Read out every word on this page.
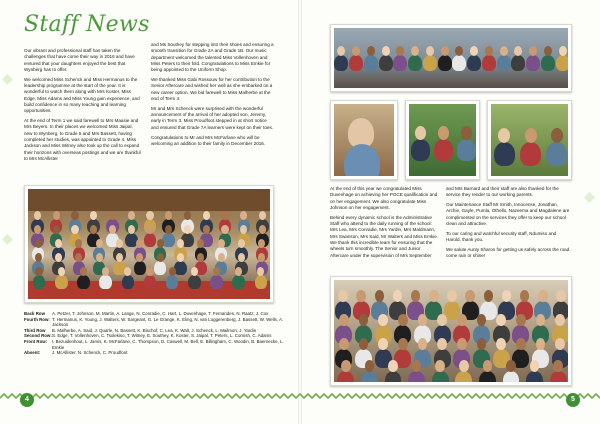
◆
◆
Staff News

Our vibrant and professional staff has taken the challenges that have come their way in 2016 and have ensured that your daughters enjoyed the best that Wynberg has to offer.

We welcomed Miss Schenck and Miss Hermanus to the leadership programme at the start of the year. It is wonderful to watch them along with Mrs Koster, Miss Edge, Miss Adams and Miss Young gain experience, and build confidence in so many teaching and learning opportunities.

At the end of Term 1 we said farewell to Mrs Maasie and Mrs Beyers. In their places we welcomed Miss Jaipal, new to Wynberg, to Grade 5 and Mrs Bassett, having completed her studies, was appointed to Grade 4. Miss Jackson and Miss Witney also took up the call to expand their horizons with overseas postings and we are thankful to Mrs McAllister

and Ms Southey for stepping into their shoes and ensuring a smooth transition for Grade 2A and Grade 1B. Our music department welcomed the talented Miss Vollenhoven and Miss Peters to their fold. Congratulations to Miss Emkie for being appointed to the Uniform Shop.

We thanked Miss Gabi Rossouw for her contribution to the Senior Aftercare and wished her well as she embarked on a new career option. We bid farewell to Miss Malherbe at the end of Term 4.

Mr and Mrs Schenck were surprised with the wonderful announcement of the arrival of her adopted son, Jeremy, early in Term 3. Miss Proudfoot stepped in at short notice and ensured that Grade 7A learners were kept on their toes.

Congratulations to Mr and Mrs McFarlane who will be welcoming an addition to their family in December 2016.

Back Row	A. Petzer, T. Johnson, M. Martin, A. Lange, N. Conradie, C. Hart, L. Duvenhage, T. Fernandes, N. Raatz, J. Cox
Fourth Row: T. Hermanus, K. Young, J. Walters, W. Sargeant, G. Le Grange, K. Eling, N. van Loggerenberg, J. Bassett, W. Wells, A. Jackson
Third Row	B. Malherbe, A. Said, J. Quarle, N. Bassett, K. Bischof, C. Lea, K. Walt, J. Schenck, L. Mailmon, J. Yardin
Second Row: S. Edge, T. Vollenhoven, C. Tsolekiso, T. Witney, E. Southey, K. Koster, S. Jaipal, T. Peters, L. Cornish, C. Adams
Front Row:	I. Bezuidenhout, L. Jarvis, K. McFarlane, C. Thompson, D. Caswell, M. Bell, E. Billingham, C. Woodin, B. Baernecke, L. Emkie
Absent:	J. McAllister, N. Schenck, C. Proudfoot
◆

At the end of this year we congratulated Miss Duvenhage on achieving her PGCE qualification and on her engagement. We also congratulate Miss Johnson on her engagement.

Behind every dynamic school is the Administrative Staff who attend to the daily running of the school: Mrs Lea, Mrs Conradie, Mrs Yardin, Mrs Maldmann, Mrs Swanson, Mrs Said, Mr Walters and Miss Emkie. We thank this incredible team for ensuring that the wheels turn smoothly. The Senior and Junior Aftercare under the supervision of Mrs September

and Mrs Barnard and their staff are also thanked for the service they render to our working parents.

Our Maintenance Staff Mr Smith, Innocense, Jonathan, Archie, Gayle, Pumla, Othello, Nazeema and Magdalene are complimented on the services they offer to keep our school clean and attractive.

To our caring and watchful security staff, Ndumiso and Harold, thank you.

We salute Aunty Sharon for getting us safely across the road come rain or shine!

4	5
